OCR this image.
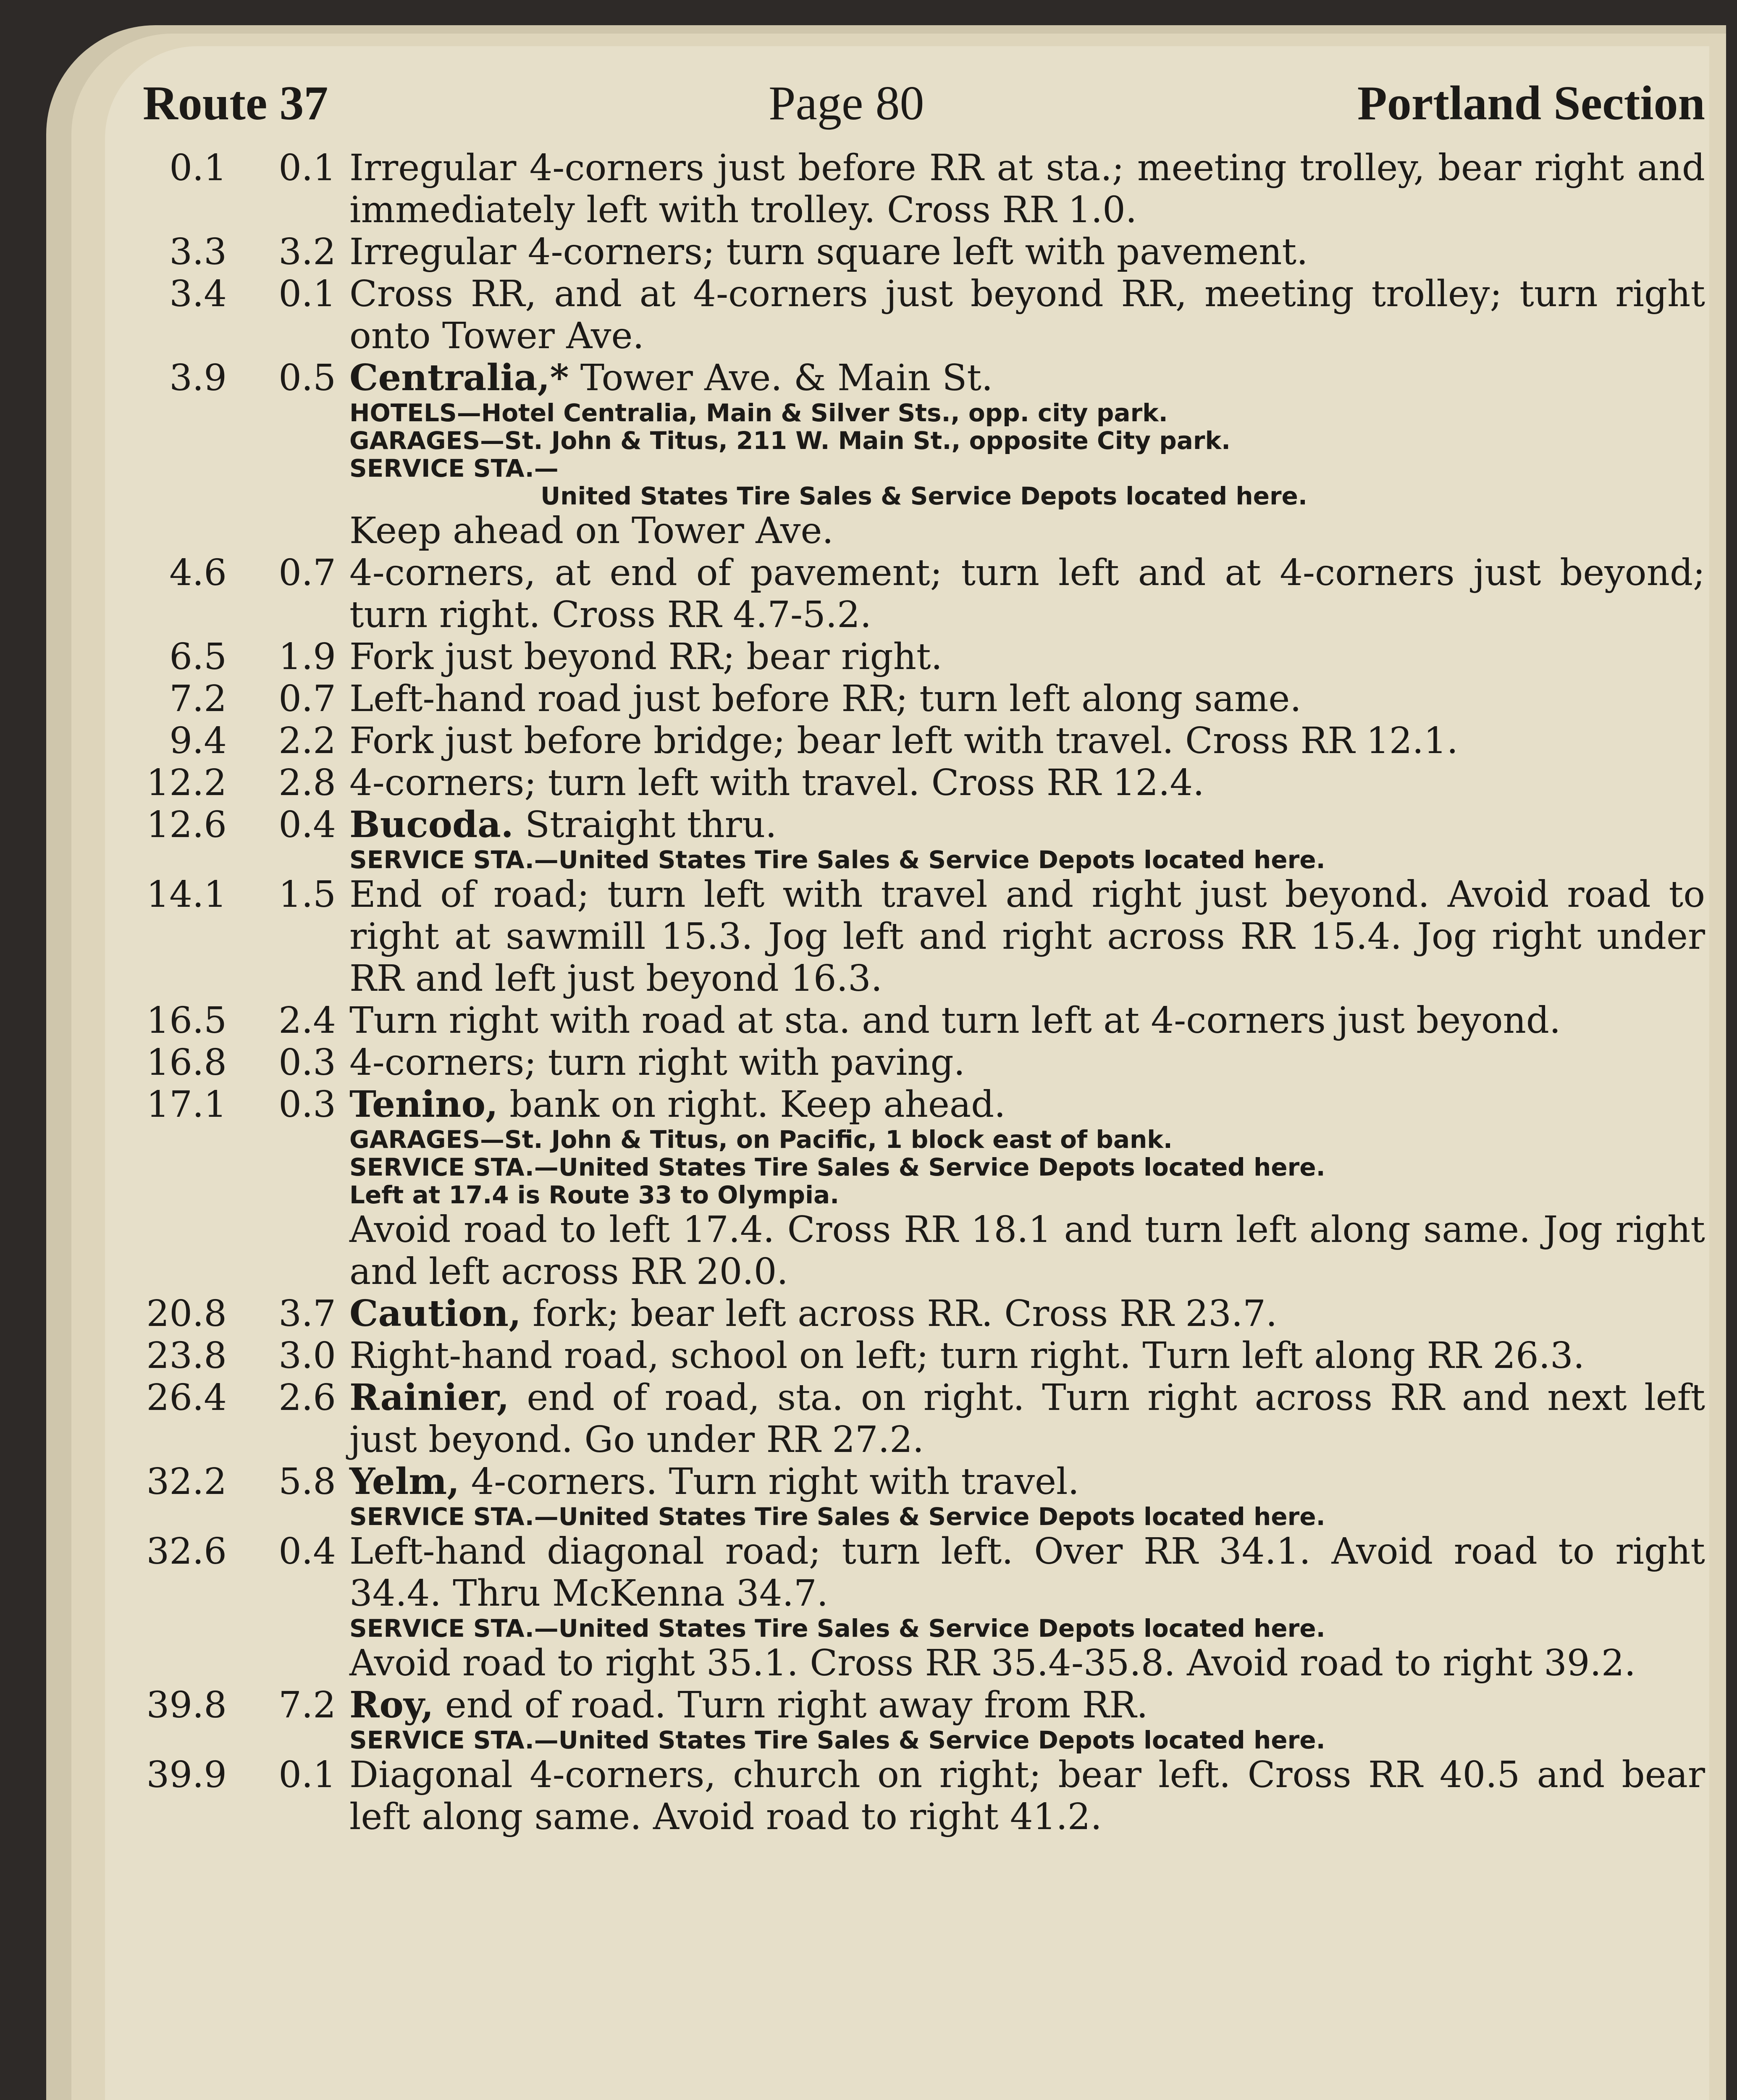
Route 37	Page 80	Portland Section
0.1	0.1 Irregular 4-corners just before RR at sta.; meeting trolley, bear right and immediately left with trolley. Cross RR 1.0.
3.3	3.2 Irregular 4-corners; turn square left with pavement.
3.4	0.1 Cross RR, and at 4-corners just beyond RR, meeting trolley; turn right onto Tower Ave.
3.9	0.5 Centralia,* Tower Ave. & Main St.
HOTELS—Hotel Centralia, Main & Silver Sts., opp. city park.
GARAGES—St. John & Titus, 211 W. Main St., opposite City park.
SERVICE STA.—
United States Tire Sales & Service Depots located here.
Keep ahead on Tower Ave.
4.6	0.7 4-corners, at end of pavement; turn left and at 4-corners just beyond; turn right. Cross RR 4.7-5.2.
6.5	1.9 Fork just beyond RR; bear right.
7.2	0.7 Left-hand road just before RR; turn left along same.
9.4	2.2 Fork just before bridge; bear left with travel. Cross RR 12.1.
12.2	2.8 4-corners; turn left with travel. Cross RR 12.4.
12.6	0.4 Bucoda. Straight thru.
SERVICE STA.—United States Tire Sales & Service Depots located here.
14.1	1.5 End of road; turn left with travel and right just beyond. Avoid road to right at sawmill 15.3. Jog left and right across RR 15.4. Jog right under RR and left just beyond 16.3.
16.5	2.4 Turn right with road at sta. and turn left at 4-corners just beyond.
16.8	0.3 4-corners; turn right with paving.
17.1	0.3 Tenino, bank on right. Keep ahead.
GARAGES—St. John & Titus, on Pacific, 1 block east of bank.
SERVICE STA.—United States Tire Sales & Service Depots located here.
Left at 17.4 is Route 33 to Olympia.
Avoid road to left 17.4. Cross RR 18.1 and turn left along same. Jog right and left across RR 20.0.
20.8	3.7 Caution, fork; bear left across RR. Cross RR 23.7.
23.8	3.0 Right-hand road, school on left; turn right. Turn left along RR 26.3.
26.4	2.6 Rainier, end of road, sta. on right. Turn right across RR and next left just beyond. Go under RR 27.2.
32.2	5.8 Yelm, 4-corners. Turn right with travel.
SERVICE STA.—United States Tire Sales & Service Depots located here.
32.6	0.4 Left-hand diagonal road; turn left. Over RR 34.1. Avoid road to right 34.4. Thru McKenna 34.7.
SERVICE STA.—United States Tire Sales & Service Depots located here.
Avoid road to right 35.1. Cross RR 35.4-35.8. Avoid road to right 39.2.
39.8	7.2 Roy, end of road. Turn right away from RR.
SERVICE STA.—United States Tire Sales & Service Depots located here.
39.9	0.1 Diagonal 4-corners, church on right; bear left. Cross RR 40.5 and bear left along same. Avoid road to right 41.2.
